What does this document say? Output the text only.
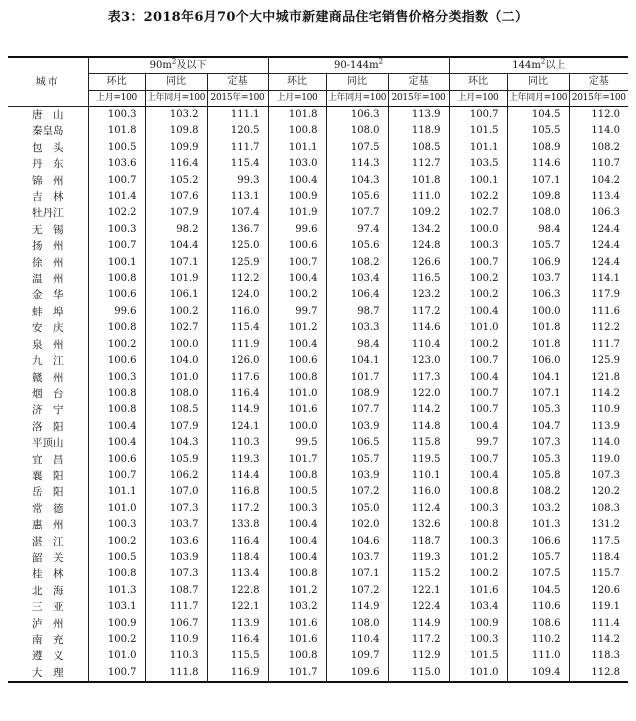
表3：2018年6月70个大中城市新建商品住宅销售价格分类指数（二）
城市	$90m^2$及以下			$90-144m^2$			$144m^2$以上		
	环比	同比	定基	环比	同比	定基	环比	同比	定基
	上月=100	上年同月=100	2015年=100	上月=100	上年同月=100	2015年=100	上月=100	上年同月=100	2015年=100
唐　山	100.3	103.2	111.1	101.8	106.3	113.9	100.7	104.5	112.0
秦皇岛	101.8	109.8	120.5	100.8	108.0	118.9	101.5	105.5	114.0
包　头	100.5	109.9	111.7	101.1	107.5	108.5	101.1	108.9	108.2
丹　东	103.6	116.4	115.4	103.0	114.3	112.7	103.5	114.6	110.7
锦　州	100.7	105.2	99.3	100.4	104.3	101.8	100.1	107.1	104.2
吉　林	101.4	107.6	113.1	100.9	105.6	111.0	102.2	109.8	113.4
牡丹江	102.2	107.9	107.4	101.9	107.7	109.2	102.7	108.0	106.3
无　锡	100.3	98.2	136.7	99.6	97.4	134.2	100.0	98.4	124.4
扬　州	100.7	104.4	125.0	100.6	105.6	124.8	100.3	105.7	124.4
徐　州	100.1	107.1	125.9	100.7	108.2	126.6	100.7	106.9	124.4
温　州	100.8	101.9	112.2	100.4	103.4	116.5	100.2	103.7	114.1
金　华	100.6	106.1	124.0	100.2	106.4	123.2	100.2	106.3	117.9
蚌　埠	99.6	100.2	116.0	99.7	98.7	117.2	100.4	100.0	111.6
安　庆	100.8	102.7	115.4	101.2	103.3	114.6	101.0	101.8	112.2
泉　州	100.2	100.0	111.9	100.4	98.4	110.4	100.2	101.8	111.7
九　江	100.6	104.0	126.0	100.6	104.1	123.0	100.7	106.0	125.9
赣　州	100.3	101.0	117.6	100.8	101.7	117.3	100.4	104.1	121.8
烟　台	100.8	108.0	116.4	101.0	108.9	122.0	100.7	107.1	114.2
济　宁	100.8	108.5	114.9	101.6	107.7	114.2	100.7	105.3	110.9
洛　阳	100.4	107.9	124.1	100.0	103.9	114.8	100.4	104.7	113.9
平顶山	100.4	104.3	110.3	99.5	106.5	115.8	99.7	107.3	114.0
宜　昌	100.6	105.9	119.3	101.7	105.7	119.5	100.7	105.3	119.0
襄　阳	100.7	106.2	114.4	100.8	103.9	110.1	100.4	105.8	107.3
岳　阳	101.1	107.0	116.8	100.5	107.2	116.0	100.8	108.2	120.2
常　德	101.0	107.3	117.2	100.3	105.0	112.4	100.3	103.2	108.3
惠　州	100.3	103.7	133.8	100.4	102.0	132.6	100.8	101.3	131.2
湛　江	100.2	103.6	116.4	100.4	104.6	118.7	100.3	106.6	117.5
韶　关	100.5	103.9	118.4	100.4	103.7	119.3	101.2	105.7	118.4
桂　林	100.8	107.3	113.4	100.8	107.1	115.2	100.2	107.5	115.7
北　海	101.3	108.7	122.8	101.2	107.2	122.1	101.6	104.5	120.6
三　亚	103.1	111.7	122.1	103.2	114.9	122.4	103.4	110.6	119.1
泸　州	100.9	106.7	113.9	101.6	108.0	114.9	100.9	108.6	111.4
南　充	100.2	110.9	116.4	101.6	110.4	117.2	100.3	110.2	114.2
遵　义	101.0	110.3	115.5	100.8	109.7	112.9	101.5	111.0	118.3
大　理	100.7	111.8	116.9	101.7	109.6	115.0	101.0	109.4	112.8
